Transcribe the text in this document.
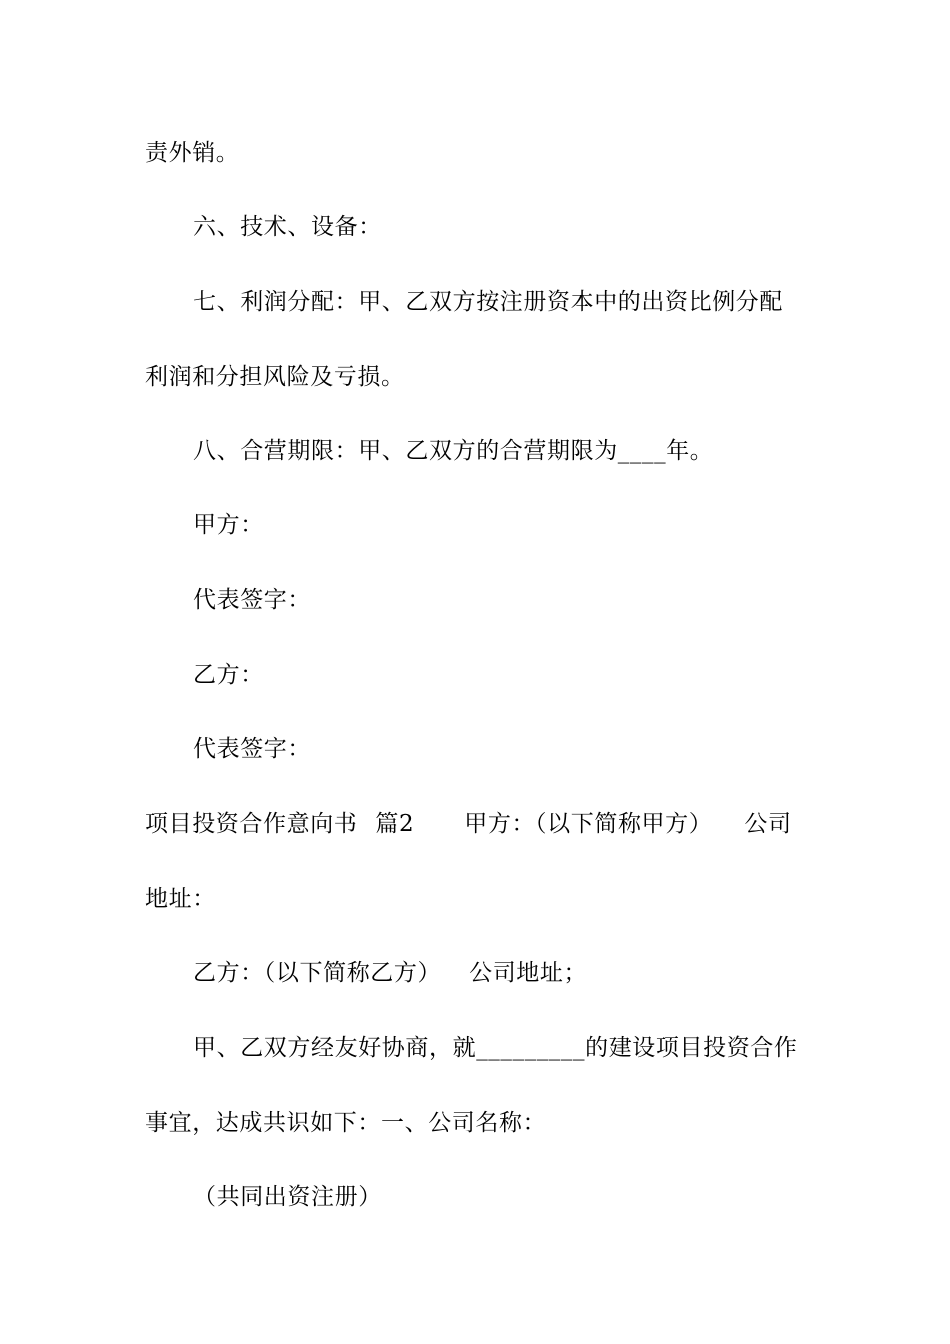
责外销。
六、技术、设备：
七、利润分配：甲、乙双方按注册资本中的出资比例分配
利润和分担风险及亏损。
八、合营期限：甲、乙双方的合营期限为____年。
甲方：
代表签字：
乙方：
代表签字：
项目投资合作意向书 篇2 甲方：（以下简称甲方） 公司
地址：
乙方：（以下简称乙方） 公司地址；
甲、乙双方经友好协商，就_________的建设项目投资合作
事宜，达成共识如下：一、公司名称：
（共同出资注册）
